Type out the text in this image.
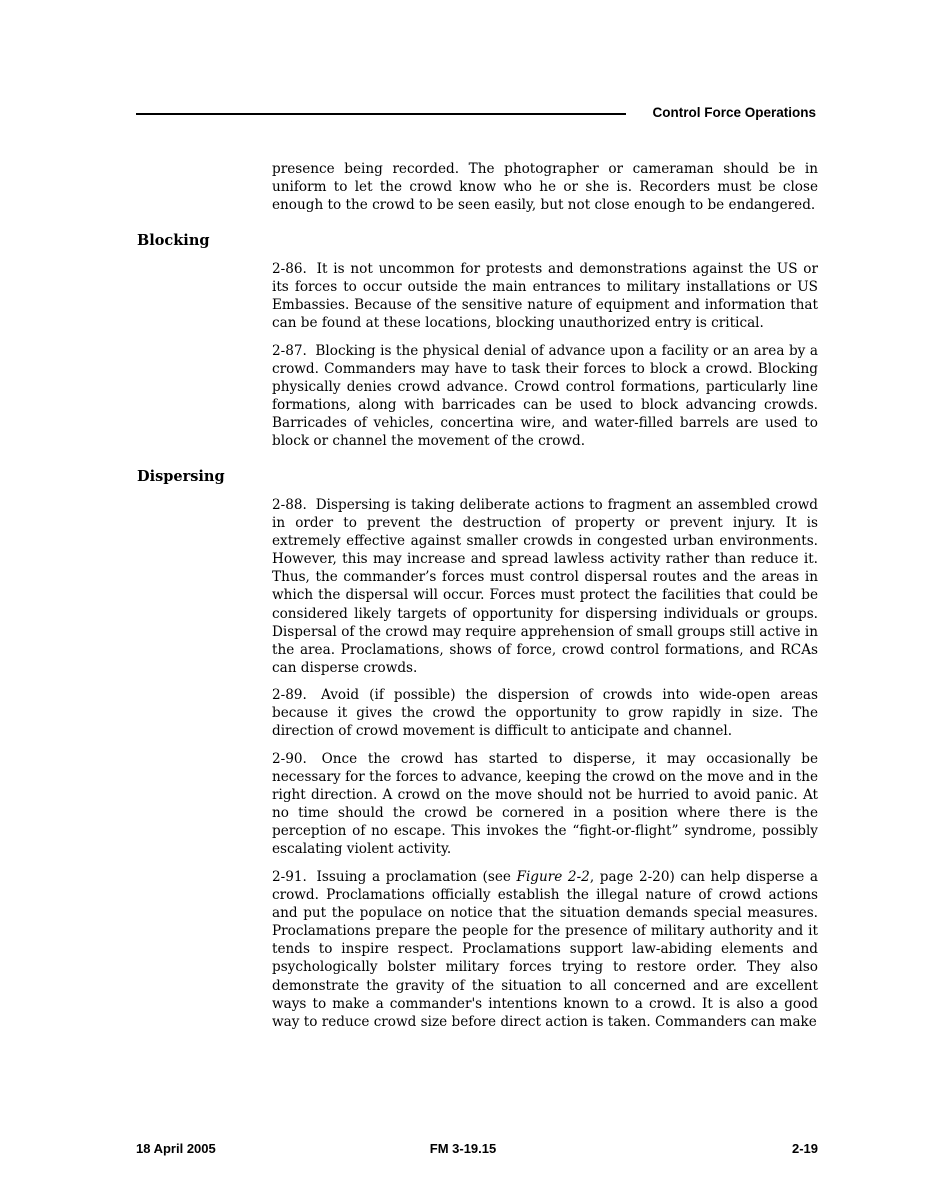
Control Force Operations

presence being recorded. The photographer or cameraman should be in uniform to let the crowd know who he or she is. Recorders must be close enough to the crowd to be seen easily, but not close enough to be endangered.

Blocking

2-86. It is not uncommon for protests and demonstrations against the US or its forces to occur outside the main entrances to military installations or US Embassies. Because of the sensitive nature of equipment and information that can be found at these locations, blocking unauthorized entry is critical.

2-87. Blocking is the physical denial of advance upon a facility or an area by a crowd. Commanders may have to task their forces to block a crowd. Blocking physically denies crowd advance. Crowd control formations, particularly line formations, along with barricades can be used to block advancing crowds. Barricades of vehicles, concertina wire, and water-filled barrels are used to block or channel the movement of the crowd.

Dispersing

2-88. Dispersing is taking deliberate actions to fragment an assembled crowd in order to prevent the destruction of property or prevent injury. It is extremely effective against smaller crowds in congested urban environments. However, this may increase and spread lawless activity rather than reduce it. Thus, the commander’s forces must control dispersal routes and the areas in which the dispersal will occur. Forces must protect the facilities that could be considered likely targets of opportunity for dispersing individuals or groups. Dispersal of the crowd may require apprehension of small groups still active in the area. Proclamations, shows of force, crowd control formations, and RCAs can disperse crowds.

2-89. Avoid (if possible) the dispersion of crowds into wide-open areas because it gives the crowd the opportunity to grow rapidly in size. The direction of crowd movement is difficult to anticipate and channel.

2-90. Once the crowd has started to disperse, it may occasionally be necessary for the forces to advance, keeping the crowd on the move and in the right direction. A crowd on the move should not be hurried to avoid panic. At no time should the crowd be cornered in a position where there is the perception of no escape. This invokes the “fight-or-flight” syndrome, possibly escalating violent activity.

2-91. Issuing a proclamation (see Figure 2-2, page 2-20) can help disperse a crowd. Proclamations officially establish the illegal nature of crowd actions and put the populace on notice that the situation demands special measures. Proclamations prepare the people for the presence of military authority and it tends to inspire respect. Proclamations support law-abiding elements and psychologically bolster military forces trying to restore order. They also demonstrate the gravity of the situation to all concerned and are excellent ways to make a commander's intentions known to a crowd. It is also a good way to reduce crowd size before direct action is taken. Commanders can make

18 April 2005	FM 3-19.15	2-19
